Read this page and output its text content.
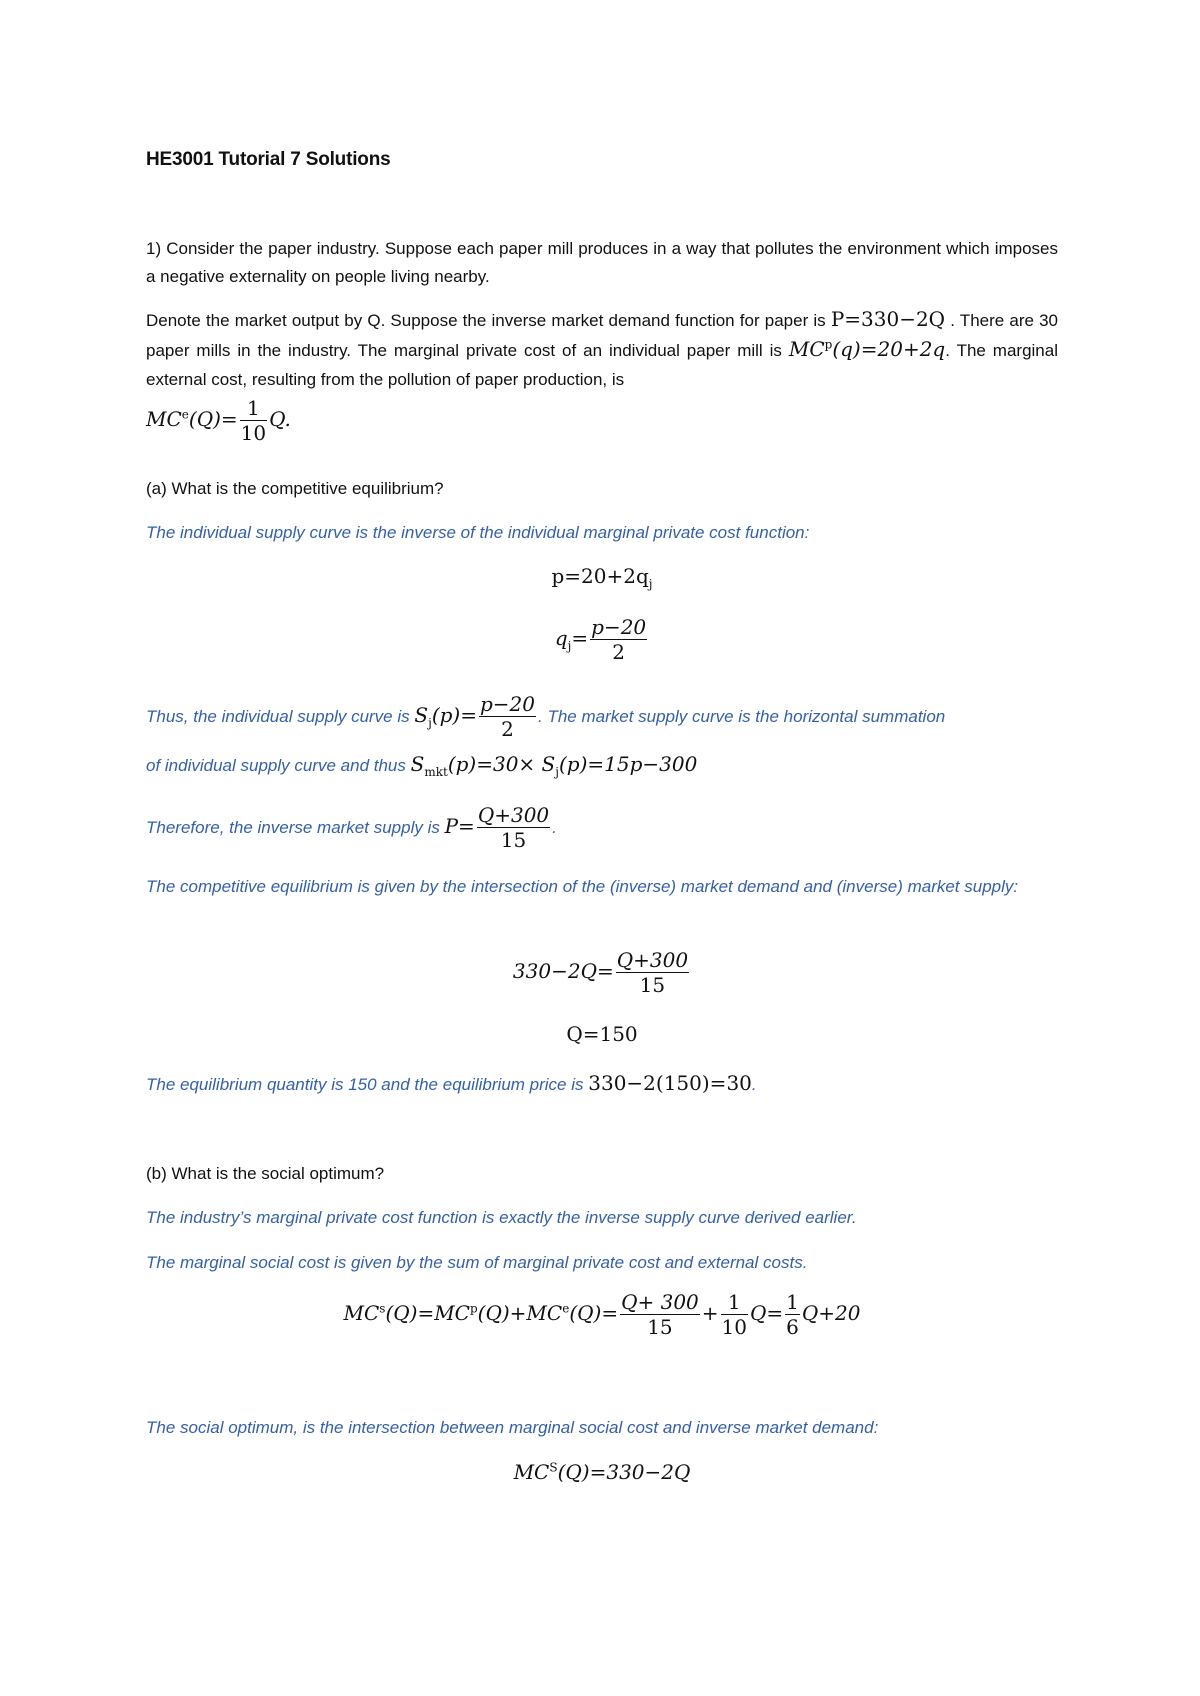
HE3001 Tutorial 7 Solutions
1) Consider the paper industry. Suppose each paper mill produces in a way that pollutes the environment which imposes a negative externality on people living nearby.
Denote the market output by Q. Suppose the inverse market demand function for paper is P=330−2Q . There are 30 paper mills in the industry. The marginal private cost of an individual paper mill is $MC^p(q)=20+2q$. The marginal external cost, resulting from the pollution of paper production, is
$MC^e(Q)= \frac{1}{10} Q$.
(a) What is the competitive equilibrium?
The individual supply curve is the inverse of the individual marginal private cost function:
$p=20+2q_j$
$q_j= \frac{p-20}{2}$
Thus, the individual supply curve is $S_j(p)= \frac{p-20}{2}$ . The market supply curve is the horizontal summation
of individual supply curve and thus $S_{mkt}(p)=30\times S_j(p)=15p-300$
Therefore, the inverse market supply is $P= \frac{Q+300}{15}$ .
The competitive equilibrium is given by the intersection of the (inverse) market demand and (inverse) market supply:
$330-2Q= \frac{Q+300}{15}$
Q=150
The equilibrium quantity is 150 and the equilibrium price is 330−2(150)=30.
(b) What is the social optimum?
The industry’s marginal private cost function is exactly the inverse supply curve derived earlier.
The marginal social cost is given by the sum of marginal private cost and external costs.
$MC^s(Q)=MC^p(Q)+MC^e(Q)= \frac{Q+ 300}{15} + \frac{1}{10} Q= \frac{1}{6} Q+20$
The social optimum, is the intersection between marginal social cost and inverse market demand:
$MC^S(Q)=330-2Q$
